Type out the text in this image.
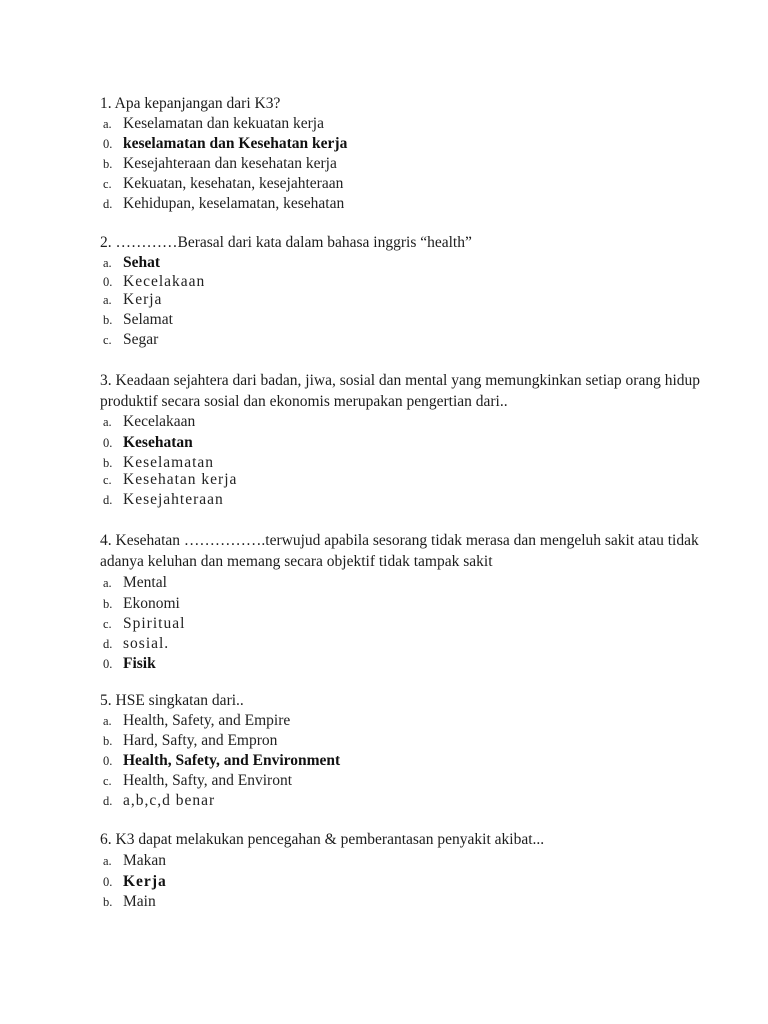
1. Apa kepanjangan dari K3?
a. Keselamatan dan kekuatan kerja
0. keselamatan dan Kesehatan kerja
b. Kesejahteraan dan kesehatan kerja
c. Kekuatan, kesehatan, kesejahteraan
d. Kehidupan, keselamatan, kesehatan
2. …………Berasal dari kata dalam bahasa inggris “health”
a. Sehat
0. Kecelakaan
a. Kerja
b. Selamat
c. Segar
3. Keadaan sejahtera dari badan, jiwa, sosial dan mental yang memungkinkan setiap orang hidup produktif secara sosial dan ekonomis merupakan pengertian dari..
a. Kecelakaan
0. Kesehatan
b. Keselamatan
c. Kesehatan kerja
d. Kesejahteraan
4. Kesehatan …………….terwujud apabila sesorang tidak merasa dan mengeluh sakit atau tidak adanya keluhan dan memang secara objektif tidak tampak sakit
a. Mental
b. Ekonomi
c. Spiritual
d. sosial.
0. Fisik
5. HSE singkatan dari..
a. Health, Safety, and Empire
b. Hard, Safty, and Empron
0. Health, Safety, and Environment
c. Health, Safty, and Environt
d. a,b,c,d benar
6. K3 dapat melakukan pencegahan & pemberantasan penyakit akibat...
a. Makan
0. Kerja
b. Main
